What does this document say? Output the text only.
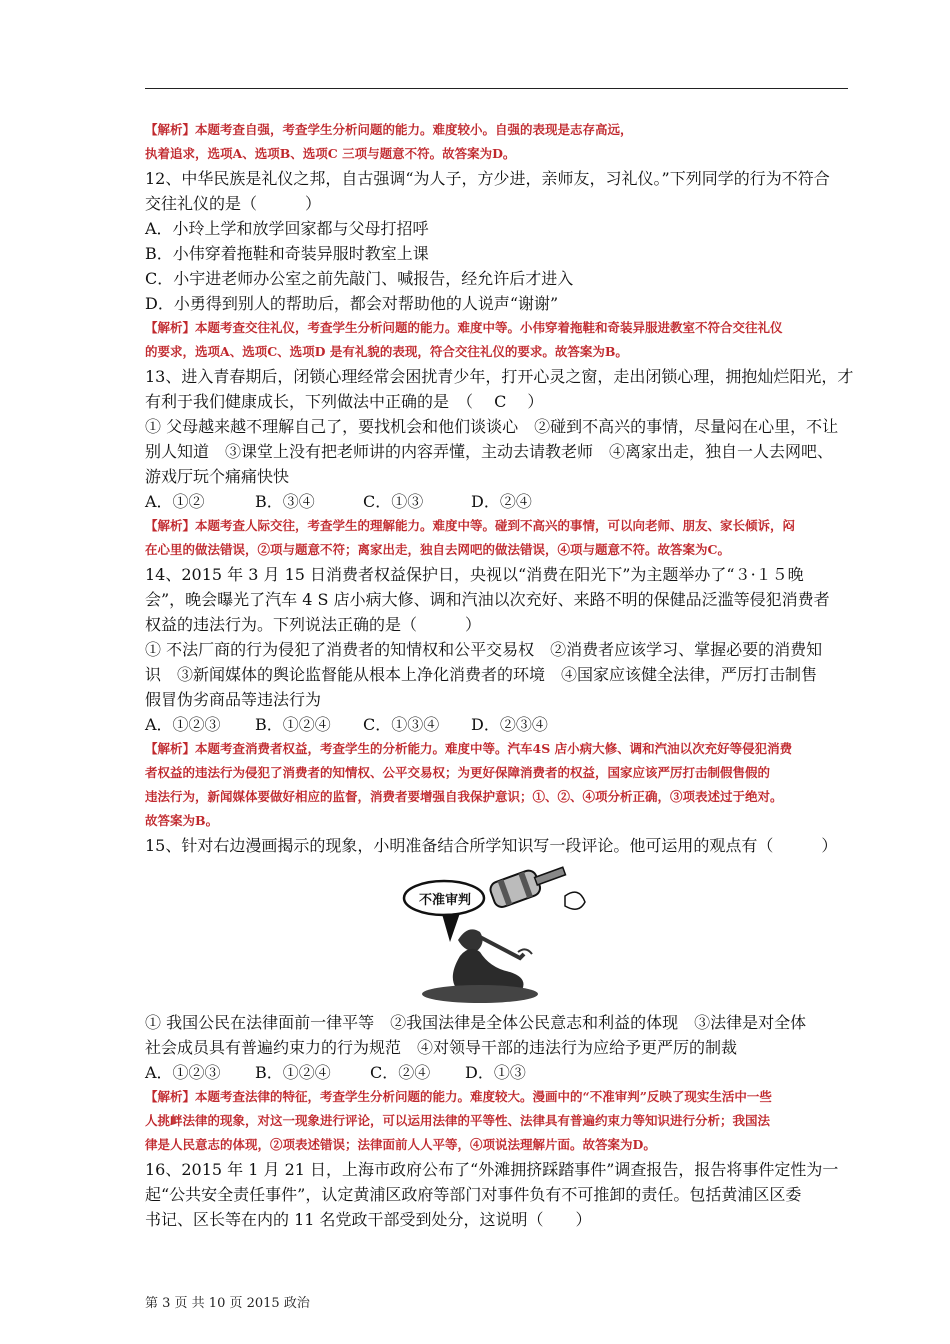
【解析】本题考查自强，考查学生分析问题的能力。难度较小。自强的表现是志存高远，
执着追求，选项A、选项B、选项C 三项与题意不符。故答案为D。
12、中华民族是礼仪之邦，自古强调“为人子，方少进，亲师友，习礼仪。”下列同学的行为不符合
交往礼仪的是（　　　）
A．小玲上学和放学回家都与父母打招呼
B．小伟穿着拖鞋和奇装异服时教室上课
C．小宇进老师办公室之前先敲门、喊报告，经允许后才进入
D．小勇得到别人的帮助后，都会对帮助他的人说声“谢谢”
【解析】本题考查交往礼仪，考查学生分析问题的能力。难度中等。小伟穿着拖鞋和奇装异服进教室不符合交往礼仪
的要求，选项A、选项C、选项D 是有礼貌的表现，符合交往礼仪的要求。故答案为B。
13、进入青春期后，闭锁心理经常会困扰青少年，打开心灵之窗，走出闭锁心理，拥抱灿烂阳光，才
有利于我们健康成长，下列做法中正确的是　（　 C　 ）
① 父母越来越不理解自己了，要找机会和他们谈谈心　②碰到不高兴的事情，尽量闷在心里，不让
别人知道　③课堂上没有把老师讲的内容弄懂，主动去请教老师　④离家出走，独自一人去网吧、
游戏厅玩个痛痛快快
A．①②	B．③④	C．①③	D．②④
【解析】本题考查人际交往，考查学生的理解能力。难度中等。碰到不高兴的事情，可以向老师、朋友、家长倾诉，闷
在心里的做法错误，②项与题意不符；离家出走，独自去网吧的做法错误，④项与题意不符。故答案为C。
14、2015 年 3 月 15 日消费者权益保护日，央视以“消费在阳光下”为主题举办了“３·１５晚
会”，晚会曝光了汽车 4 S 店小病大修、调和汽油以次充好、来路不明的保健品泛滥等侵犯消费者
权益的违法行为。下列说法正确的是（　　　）
① 不法厂商的行为侵犯了消费者的知情权和公平交易权　②消费者应该学习、掌握必要的消费知
识　③新闻媒体的舆论监督能从根本上净化消费者的环境　④国家应该健全法律，严厉打击制售
假冒伪劣商品等违法行为
A．①②③ B．①②④ C．①③④ D．②③④
【解析】本题考查消费者权益，考查学生的分析能力。难度中等。汽车4S 店小病大修、调和汽油以次充好等侵犯消费
者权益的违法行为侵犯了消费者的知情权、公平交易权；为更好保障消费者的权益，国家应该严厉打击制假售假的
违法行为，新闻媒体要做好相应的监督，消费者要增强自我保护意识；①、②、④项分析正确，③项表述过于绝对。
故答案为B。
15、针对右边漫画揭示的现象，小明准备结合所学知识写一段评论。他可运用的观点有（　　　）
不准审判
① 我国公民在法律面前一律平等　②我国法律是全体公民意志和利益的体现　③法律是对全体
社会成员具有普遍约束力的行为规范　④对领导干部的违法行为应给予更严厉的制裁
A．①②③ B．①②④ C．②④ D．①③
【解析】本题考查法律的特征，考查学生分析问题的能力。难度较大。漫画中的“不准审判”反映了现实生活中一些
人挑衅法律的现象，对这一现象进行评论，可以运用法律的平等性、法律具有普遍约束力等知识进行分析；我国法
律是人民意志的体现，②项表述错误；法律面前人人平等，④项说法理解片面。故答案为D。
16、2015 年 1 月 21 日，上海市政府公布了“外滩拥挤踩踏事件”调查报告，报告将事件定性为一
起“公共安全责任事件”，认定黄浦区政府等部门对事件负有不可推卸的责任。包括黄浦区区委
书记、区长等在内的 11 名党政干部受到处分，这说明（　　）
第 3 页 共 10 页 2015 政治
